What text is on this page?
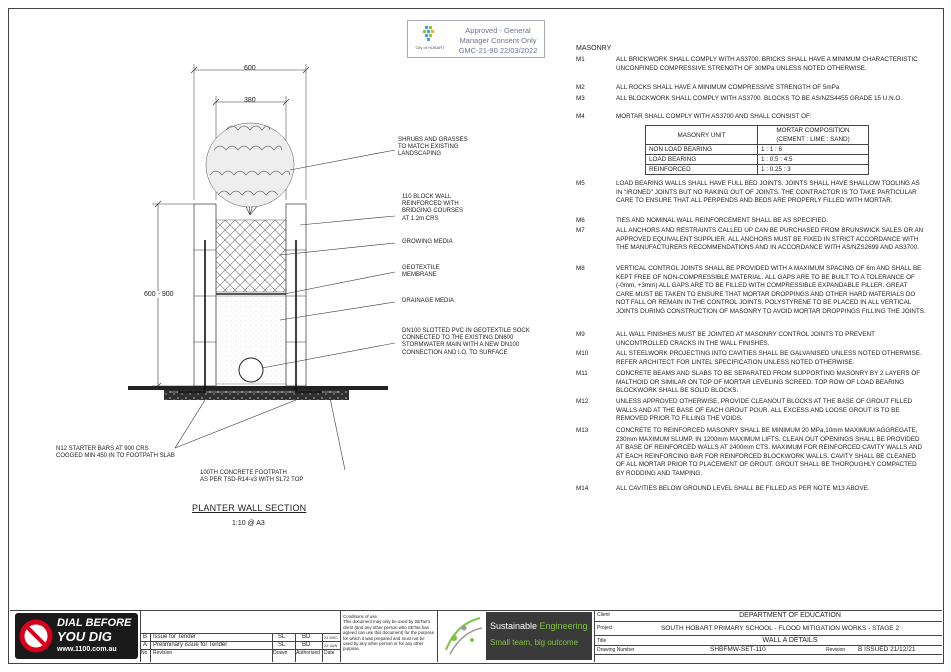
City of HOBART
Approved - General
Manager Consent Only
GMC-21-90 22/03/2022
600
380
600 - 900
SHRUBS AND GRASSES
TO MATCH EXISTING
LANDSCAPING
110 BLOCK WALL
REINFORCED WITH
BRIDGING COURSES
AT 1.2m CRS
GROWING MEDIA
GEOTEXTILE
MEMBRANE
DRAINAGE MEDIA
DN100 SLOTTED PVC IN GEOTEXTILE SOCK
CONNECTED TO THE EXISTING DN600
STORMWATER MAIN WITH A NEW DN100
CONNECTION AND I.O. TO SURFACE
N12 STARTER BARS AT 900 CRS
COGGED MIN 450 IN TO FOOTPATH SLAB
100TH CONCRETE FOOTPATH
AS PER TSD-R14-v3 WITH SL72 TOP
PLANTER WALL SECTION
1:10 @ A3
MASONRY
M1	ALL BRICKWORK SHALL COMPLY WITH AS3700. BRICKS SHALL HAVE A MINIMUM CHARACTERISTIC UNCONFINED COMPRESSIVE STRENGTH OF 30MPa UNLESS NOTED OTHERWISE.
M2	ALL ROCKS SHALL HAVE A MINIMUM COMPRESSIVE STRENGTH OF 5mPa
M3	ALL BLOCKWORK SHALL COMPLY WITH AS3700. BLOCKS TO BE AS/NZS4455 GRADE 15 U.N.O.
M4	MORTAR SHALL COMPLY WITH AS3700 AND SHALL CONSIST OF:
MASONRY UNIT	MORTAR COMPOSITION
	(CEMENT : LIME : SAND)
NON LOAD BEARING	1 : 1 : 6
LOAD BEARING	1 : 0.5 : 4.5
REINFORCED	1 : 0.25 : 3
M5	LOAD BEARING WALLS SHALL HAVE FULL BED JOINTS. JOINTS SHALL HAVE SHALLOW TOOLING AS IN "IRONED" JOINTS BUT NO RAKING OUT OF JOINTS. THE CONTRACTOR IS TO TAKE PARTICULAR CARE TO ENSURE THAT ALL PERPENDS AND BEDS ARE PROPERLY FILLED WITH MORTAR.
M6	TIES AND NOMINAL WALL REINFORCEMENT SHALL BE AS SPECIFIED.
M7	ALL ANCHORS AND RESTRAINTS CALLED UP CAN BE PURCHASED FROM BRUNSWICK SALES OR AN APPROVED EQUIVALENT SUPPLIER. ALL ANCHORS MUST BE FIXED IN STRICT ACCORDANCE WITH THE MANUFACTURERS RECOMMENDATIONS AND IN ACCORDANCE WITH AS/NZS2699 AND AS3700.
M8	VERTICAL CONTROL JOINTS SHALL BE PROVIDED WITH A MAXIMUM SPACING OF 6m AND SHALL BE KEPT FREE OF NON-COMPRESSIBLE MATERIAL. ALL GAPS ARE TO BE BUILT TO A TOLERANCE OF (-0mm, +3mm) ALL GAPS ARE TO BE FILLED WITH COMPRESSIBLE EXPANDABLE FILLER. GREAT CARE MUST BE TAKEN TO ENSURE THAT MORTAR DROPPINGS AND OTHER HARD MATERIALS DO NOT FALL OR REMAIN IN THE CONTROL JOINTS. POLYSTYRENE TO BE PLACED IN ALL VERTICAL JOINTS DURING CONSTRUCTION OF MASONRY TO AVOID MORTAR DROPPINGS FILLING THE JOINTS.
M9	ALL WALL FINISHES MUST BE JOINTED AT MASONRY CONTROL JOINTS TO PREVENT UNCONTROLLED CRACKS IN THE WALL FINISHES.
M10	ALL STEELWORK PROJECTING INTO CAVITIES SHALL BE GALVANISED UNLESS NOTED OTHERWISE. REFER ARCHITECT FOR LINTEL SPECIFICATION UNLESS NOTED OTHERWISE.
M11	CONCRETE BEAMS AND SLABS TO BE SEPARATED FROM SUPPORTING MASONRY BY 2 LAYERS OF MALTHOID OR SIMILAR ON TOP OF MORTAR LEVELING SCREED. TOP ROW OF LOAD BEARING BLOCKWORK SHALL BE SOLID BLOCKS.
M12	UNLESS APPROVED OTHERWISE, PROVIDE CLEANOUT BLOCKS AT THE BASE OF GROUT FILLED WALLS AND AT THE BASE OF EACH GROUT POUR. ALL EXCESS AND LOOSE GROUT IS TO BE REMOVED PRIOR TO FILLING THE VOIDS.
M13	CONCRETE TO REINFORCED MASONRY SHALL BE MINIMUM 20 MPa,10mm MAXIMUM AGGREGATE, 230mm MAXIMUM SLUMP. IN 1200mm MAXIMUM LIFTS. CLEAN OUT OPENINGS SHALL BE PROVIDED AT BASE OF REINFORCED WALLS AT 2400mm CTS. MAXIMUM FOR REINFORCED CAVITY WALLS AND AT EACH REINFORCING BAR FOR REINFORCED BLOCKWORK WALLS. CAVITY SHALL BE CLEANED OF ALL MORTAR PRIOR TO PLACEMENT OF GROUT. GROUT SHALL BE THOROUGHLY COMPACTED BY RODDING AND TAMPING.
M14	ALL CAVITIES BELOW GROUND LEVEL SHALL BE FILLED AS PER NOTE M13 ABOVE.
DIAL BEFORE
YOU DIG
www.1100.com.au
B Issue for Tender	SL	BD	21 DEC
A Preliminary issue for Tender	SL	BD	22 JUN
No Revision	Drawn Authorised Date
Conditions of use.
This document may only be used by SETas's client (and any other person who SETas has agreed can use this document) for the purpose for which it was prepared and must not be used by any other person or for any other purpose.
Sustainable Engineering
Small team, big outcome
Client	DEPARTMENT OF EDUCATION
Project	SOUTH HOBART PRIMARY SCHOOL - FLOOD MITIGATION WORKS - STAGE 2
Title	WALL A DETAILS
Drawing Number	SHBFMW-SET-110	Revision B ISSUED 21/12/21
